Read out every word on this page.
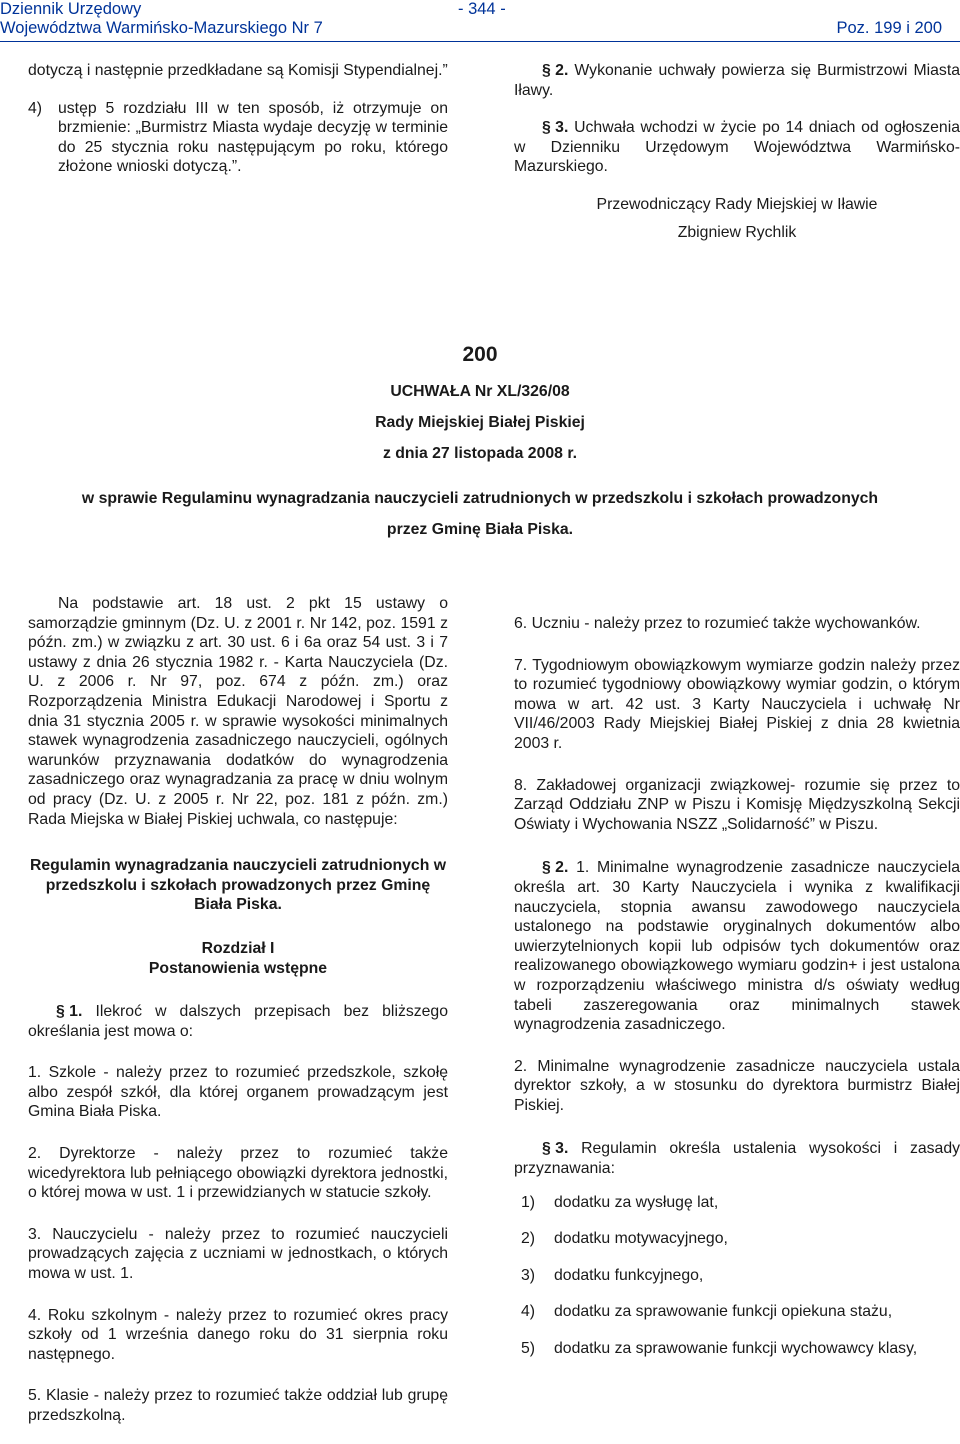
Dziennik Urzędowy
Województwa Warmińsko-Mazurskiego Nr 7
- 344 -
Poz. 199 i 200

dotyczą i następnie przedkładane są Komisji Stypendialnej.”

4)	ustęp 5 rozdziału III w ten sposób, iż otrzymuje on brzmienie: „Burmistrz Miasta wydaje decyzję w terminie do 25 stycznia roku następującym po roku, którego złożone wnioski dotyczą.”.

§ 2. Wykonanie uchwały powierza się Burmistrzowi Miasta Iławy.

§ 3. Uchwała wchodzi w życie po 14 dniach od ogłoszenia w Dzienniku Urzędowym Województwa Warmińsko-Mazurskiego.

Przewodniczący Rady Miejskiej w Iławie

Zbigniew Rychlik

200
UCHWAŁA Nr XL/326/08
Rady Miejskiej Białej Piskiej
z dnia 27 listopada 2008 r.
w sprawie Regulaminu wynagradzania nauczycieli zatrudnionych w przedszkolu i szkołach prowadzonych
przez Gminę Biała Piska.

Na podstawie art. 18 ust. 2 pkt 15 ustawy o samorządzie gminnym (Dz. U. z 2001 r. Nr 142, poz. 1591 z późn. zm.) w związku z art. 30 ust. 6 i 6a oraz 54 ust. 3 i 7 ustawy z dnia 26 stycznia 1982 r. - Karta Nauczyciela (Dz. U. z 2006 r. Nr 97, poz. 674 z późn. zm.) oraz Rozporządzenia Ministra Edukacji Narodowej i Sportu z dnia 31 stycznia 2005 r. w sprawie wysokości minimalnych stawek wynagrodzenia zasadniczego nauczycieli, ogólnych warunków przyznawania dodatków do wynagrodzenia zasadniczego oraz wynagradzania za pracę w dniu wolnym od pracy (Dz. U. z 2005 r. Nr 22, poz. 181 z późn. zm.) Rada Miejska w Białej Piskiej uchwala, co następuje:

Regulamin wynagradzania nauczycieli zatrudnionych w przedszkolu i szkołach prowadzonych przez Gminę Biała Piska.

Rozdział I

Postanowienia wstępne

§ 1. Ilekroć w dalszych przepisach bez bliższego określania jest mowa o:

1. Szkole - należy przez to rozumieć przedszkole, szkołę albo zespół szkół, dla której organem prowadzącym jest Gmina Biała Piska.

2. Dyrektorze - należy przez to rozumieć także wicedyrektora lub pełniącego obowiązki dyrektora jednostki, o której mowa w ust. 1 i przewidzianych w statucie szkoły.

3. Nauczycielu - należy przez to rozumieć nauczycieli prowadzących zajęcia z uczniami w jednostkach, o których mowa w ust. 1.

4. Roku szkolnym - należy przez to rozumieć okres pracy szkoły od 1 września danego roku do 31 sierpnia roku następnego.

5. Klasie - należy przez to rozumieć także oddział lub grupę przedszkolną.

6. Uczniu - należy przez to rozumieć także wychowanków.

7. Tygodniowym obowiązkowym wymiarze godzin należy przez to rozumieć tygodniowy obowiązkowy wymiar godzin, o którym mowa w art. 42 ust. 3 Karty Nauczyciela i uchwałę Nr VII/46/2003 Rady Miejskiej Białej Piskiej z dnia 28 kwietnia 2003 r.

8. Zakładowej organizacji związkowej- rozumie się przez to Zarząd Oddziału ZNP w Piszu i Komisję Międzyszkolną Sekcji Oświaty i Wychowania NSZZ „Solidarność” w Piszu.

§ 2. 1. Minimalne wynagrodzenie zasadnicze nauczyciela określa art. 30 Karty Nauczyciela i wynika z kwalifikacji nauczyciela, stopnia awansu zawodowego nauczyciela ustalonego na podstawie oryginalnych dokumentów albo uwierzytelnionych kopii lub odpisów tych dokumentów oraz realizowanego obowiązkowego wymiaru godzin+ i jest ustalona w rozporządzeniu właściwego ministra d/s oświaty według tabeli zaszeregowania oraz minimalnych stawek wynagrodzenia zasadniczego.

2. Minimalne wynagrodzenie zasadnicze nauczyciela ustala dyrektor szkoły, a w stosunku do dyrektora burmistrz Białej Piskiej.

§ 3. Regulamin określa ustalenia wysokości i zasady przyznawania:

1)	dodatku za wysługę lat,
2)	dodatku motywacyjnego,
3)	dodatku funkcyjnego,
4)	dodatku za sprawowanie funkcji opiekuna stażu,
5)	dodatku za sprawowanie funkcji wychowawcy klasy,
